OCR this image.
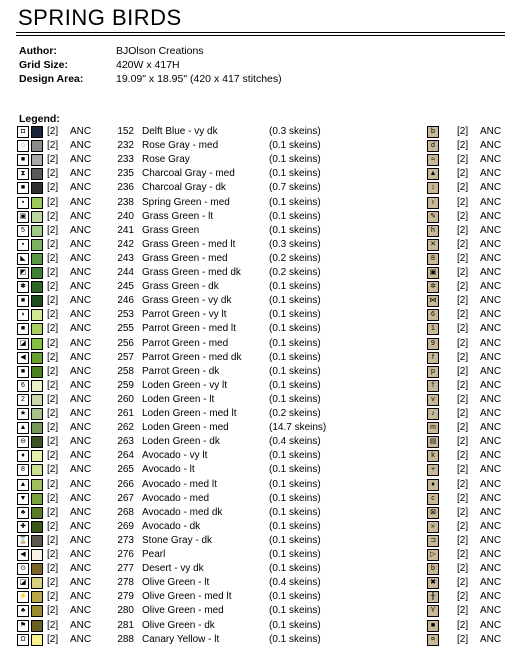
SPRING BIRDS
Author:	BJOlson Creations
Grid Size:	420W x 417H
Design Area:	19.09" x 18.95" (420 x 417 stitches)
Legend:
◘	[2] ANC	152 Delft Blue - vy dk	(0.3 skeins)	b	[2] ANC
◌	[2] ANC	232 Rose Gray - med	(0.1 skeins)	d	[2] ANC
■	[2] ANC	233 Rose Gray	(0.1 skeins)	≈	[2] ANC
⧗	[2] ANC	235 Charcoal Gray - med	(0.1 skeins)	▲ [2] ANC
■	[2] ANC	236 Charcoal Gray - dk	(0.7 skeins)	↕	[2] ANC
▪	[2] ANC	238 Spring Green - med	(0.1 skeins)	ı	[2] ANC
▣ [2] ANC	240 Grass Green - lt	(0.1 skeins)	✎	[2] ANC
5	[2] ANC	241 Grass Green	(0.1 skeins)	h	[2] ANC
▪	[2] ANC	242 Grass Green - med lt	(0.3 skeins)	✕	[2] ANC
◣	[2] ANC	243 Grass Green - med	(0.2 skeins)	8	[2] ANC
◩ [2] ANC	244 Grass Green - med dk	(0.2 skeins)	▣ [2] ANC
✱	[2] ANC	245 Grass Green - dk	(0.1 skeins)	✲	[2] ANC
■	[2] ANC	246 Grass Green - vy dk	(0.1 skeins)	⋈ [2] ANC
◗	[2] ANC	253 Parrot Green - vy lt	(0.1 skeins)	6	[2] ANC
■	[2] ANC	255 Parrot Green - med lt	(0.1 skeins)	1	[2] ANC
◪ [2] ANC	256 Parrot Green - med	(0.1 skeins)	9	[2] ANC
◀	[2] ANC	257 Parrot Green - med dk	(0.1 skeins)	f	[2] ANC
■	[2] ANC	258 Parrot Green - dk	(0.1 skeins)	p	[2] ANC
6	[2] ANC	259 Loden Green - vy lt	(0.1 skeins)	†	[2] ANC
2	[2] ANC	260 Loden Green - lt	(0.1 skeins)	v	[2] ANC
★ [2] ANC	261 Loden Green - med lt	(0.2 skeins)	♪	[2] ANC
▲ [2] ANC	262 Loden Green - med	(14.7 skeins)	m	[2] ANC
⊖	[2] ANC	263 Loden Green - dk	(0.4 skeins)	▤ [2] ANC
♦	[2] ANC	264 Avocado - vy lt	(0.1 skeins)	k	[2] ANC
8	[2] ANC	265 Avocado - lt	(0.1 skeins)	+	[2] ANC
▲ [2] ANC	266 Avocado - med lt	(0.1 skeins)	♦	[2] ANC
▼ [2] ANC	267 Avocado - med	(0.1 skeins)	c	[2] ANC
♣	[2] ANC	268 Avocado - med dk	(0.1 skeins)	⊠	[2] ANC
✚	[2] ANC	269 Avocado - dk	(0.1 skeins)	»	[2] ANC
⌛ [2] ANC	273 Stone Gray - dk	(0.1 skeins)	⊐	[2] ANC
◀	[2] ANC	276 Pearl	(0.1 skeins)	▷	[2] ANC
⊙	[2] ANC	277 Desert - vy dk	(0.1 skeins)	b	[2] ANC
◪ [2] ANC	278 Olive Green - lt	(0.4 skeins)	✖	[2] ANC
⚡ [2] ANC	279 Olive Green - med lt	(0.1 skeins)	╫	[2] ANC
♣	[2] ANC	280 Olive Green - med	(0.1 skeins)	Y	[2] ANC
⚑ [2] ANC	281 Olive Green - dk	(0.1 skeins)	■	[2] ANC
Ω	[2] ANC	288 Canary Yellow - lt	(0.1 skeins)	¤	[2] ANC
